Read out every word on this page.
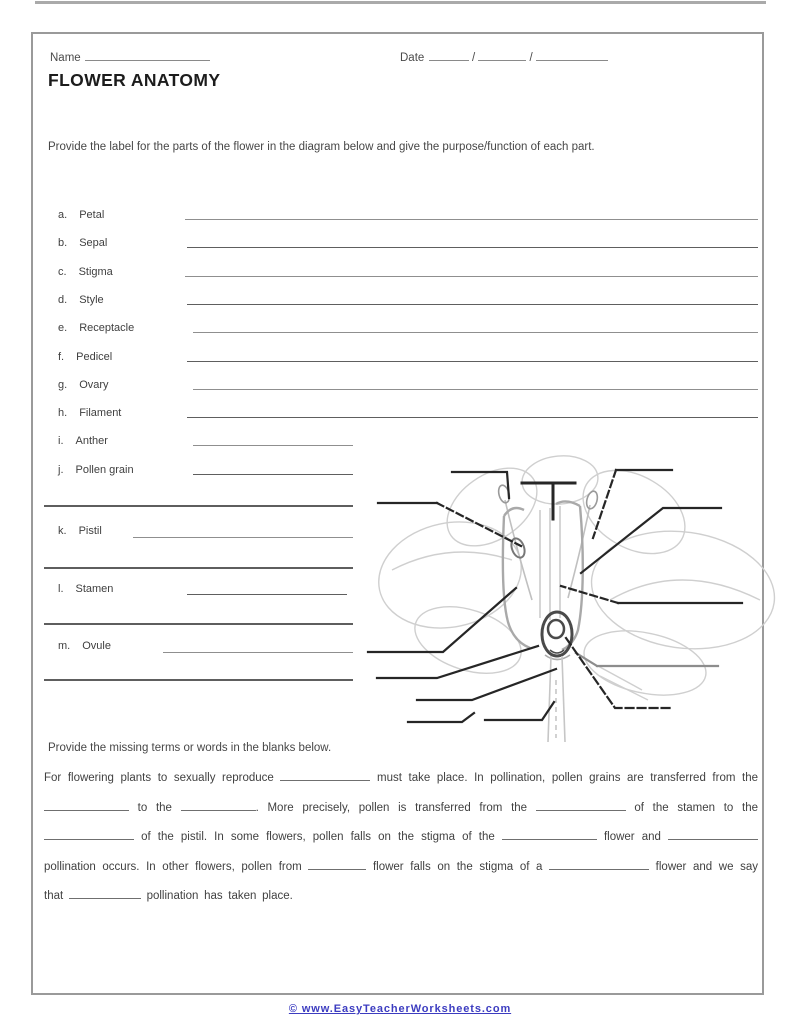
Name	Date	/	/
FLOWER ANATOMY
Provide the label for the parts of the flower in the diagram below and give the purpose/function of each part.
a. Petal
b. Sepal
c. Stigma
d. Style
e. Receptacle
f. Pedicel
g. Ovary
h. Filament
i. Anther
j. Pollen grain
k. Pistil
l. Stamen
m. Ovule
Provide the missing terms or words in the blanks below.
For flowering plants to sexually reproduce	must take place. In pollination, pollen grains are transferred from the  to the	. More precisely, pollen is transferred from the	of the stamen to the  of the pistil. In some flowers, pollen falls on the stigma of the	flower and  pollination occurs. In other flowers, pollen from	flower falls on the stigma of a	flower and we say that	pollination has taken place.
© www.EasyTeacherWorksheets.com
